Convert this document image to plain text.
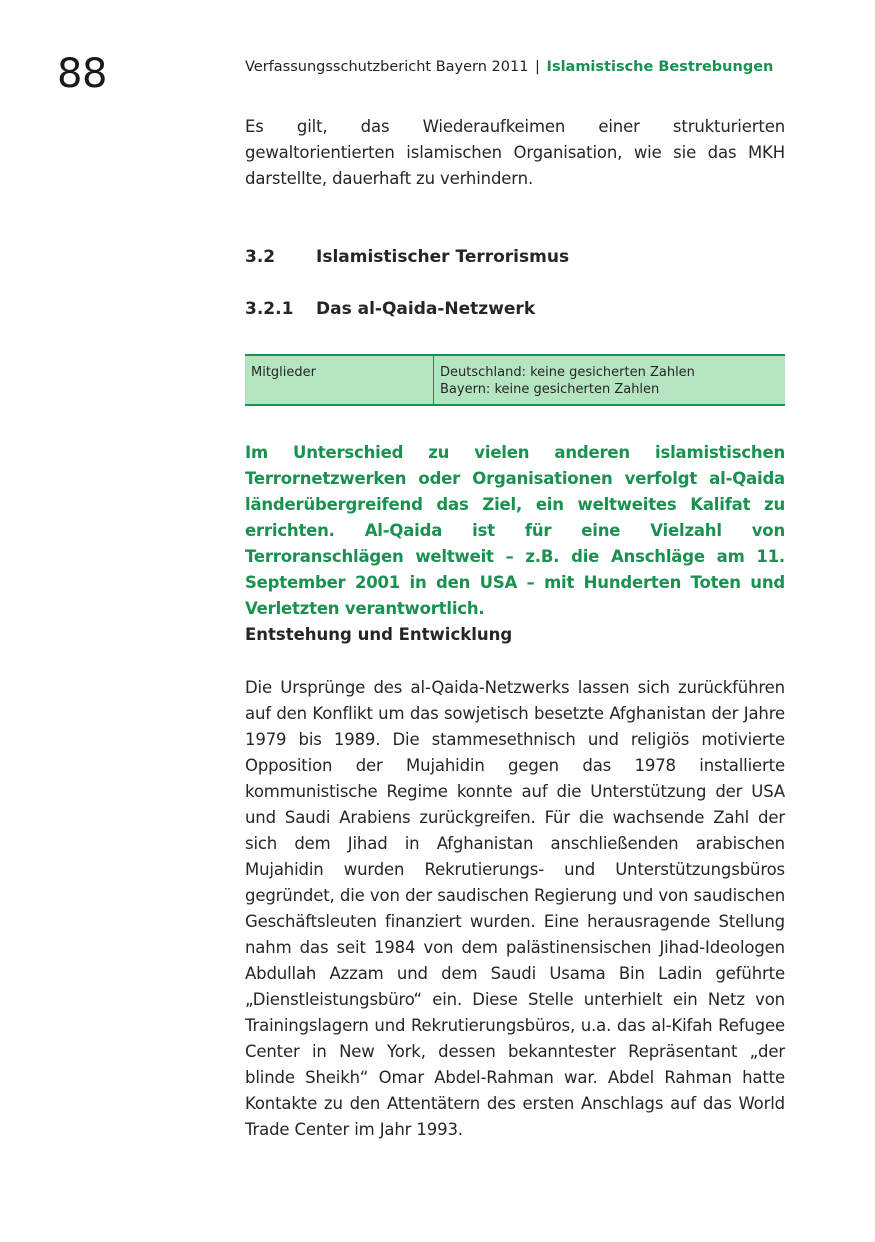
88	Verfassungsschutzbericht Bayern 2011 | Islamistische Bestrebungen

Es gilt, das Wiederaufkeimen einer strukturierten gewaltorientierten islamischen Organisation, wie sie das MKH darstellte, dauerhaft zu verhindern.

3.2 Islamistischer Terrorismus
3.2.1 Das al-Qaida-Netzwerk
Mitglieder	Deutschland: keine gesicherten Zahlen
Bayern: keine gesicherten Zahlen

Im Unterschied zu vielen anderen islamistischen Terrornetzwerken oder Organisationen verfolgt al-Qaida länderübergreifend das Ziel, ein weltweites Kalifat zu errichten. Al-Qaida ist für eine Vielzahl von Terroranschlägen weltweit – z.B. die Anschläge am 11. September 2001 in den USA – mit Hunderten Toten und Verletzten verantwortlich.

Entstehung und Entwicklung

Die Ursprünge des al-Qaida-Netzwerks lassen sich zurückführen auf den Konflikt um das sowjetisch besetzte Afghanistan der Jahre 1979 bis 1989. Die stammesethnisch und religiös motivierte Opposition der Mujahidin gegen das 1978 installierte kommunistische Regime konnte auf die Unterstützung der USA und Saudi Arabiens zurückgreifen. Für die wachsende Zahl der sich dem Jihad in Afghanistan anschließenden arabischen Mujahidin wurden Rekrutierungs- und Unterstützungsbüros gegründet, die von der saudischen Regierung und von saudischen Geschäftsleuten finanziert wurden. Eine herausragende Stellung nahm das seit 1984 von dem palästinensischen Jihad-Ideologen Abdullah Azzam und dem Saudi Usama Bin Ladin geführte „Dienstleistungsbüro“ ein. Diese Stelle unterhielt ein Netz von Trainingslagern und Rekrutierungsbüros, u.a. das al-Kifah Refugee Center in New York, dessen bekanntester Repräsentant „der blinde Sheikh“ Omar Abdel-Rahman war. Abdel Rahman hatte Kontakte zu den Attentätern des ersten Anschlags auf das World Trade Center im Jahr 1993.
